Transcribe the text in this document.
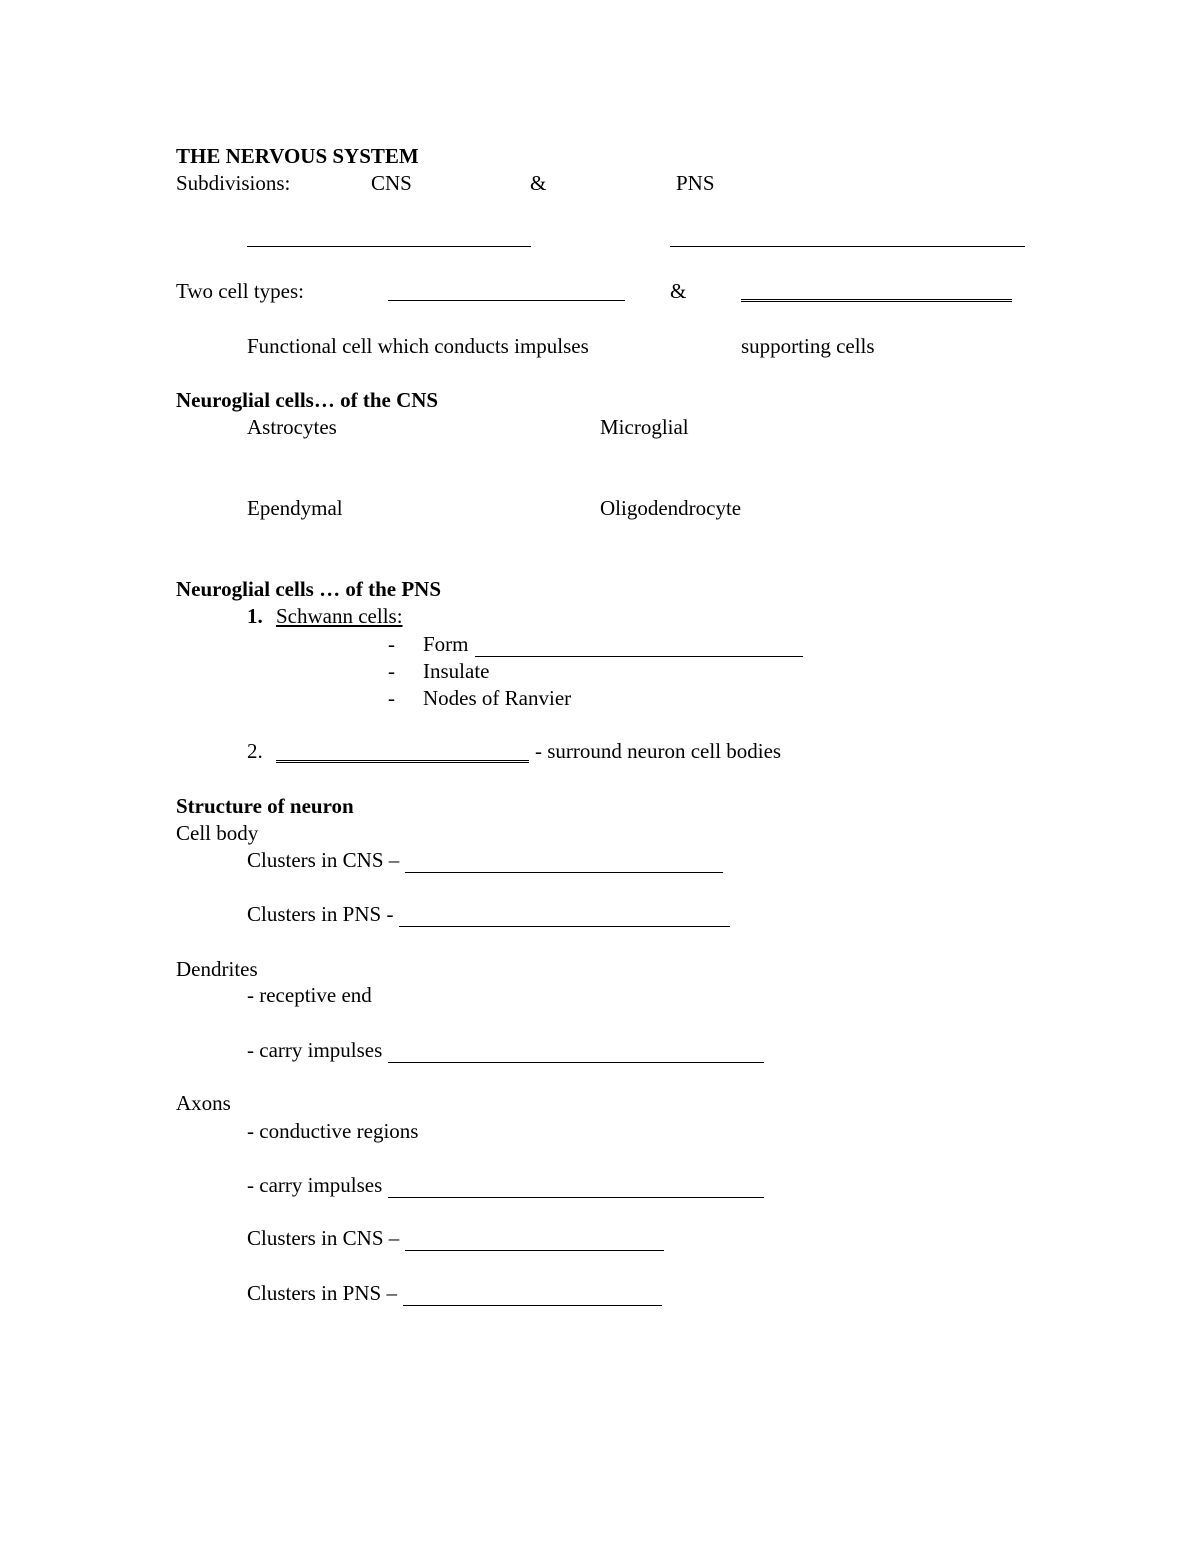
THE NERVOUS SYSTEM
Subdivisions:	CNS	&	PNS
Two cell types:	&
Functional cell which conducts impulses	supporting cells
Neuroglial cells… of the CNS
Astrocytes	Microglial
Ependymal	Oligodendrocyte
Neuroglial cells … of the PNS
1. Schwann cells:
- Form
- Insulate
- Nodes of Ranvier
2.	- surround neuron cell bodies
Structure of neuron
Cell body
Clusters in CNS –
Clusters in PNS -
Dendrites
- receptive end
- carry impulses
Axons
- conductive regions
- carry impulses
Clusters in CNS –
Clusters in PNS –
